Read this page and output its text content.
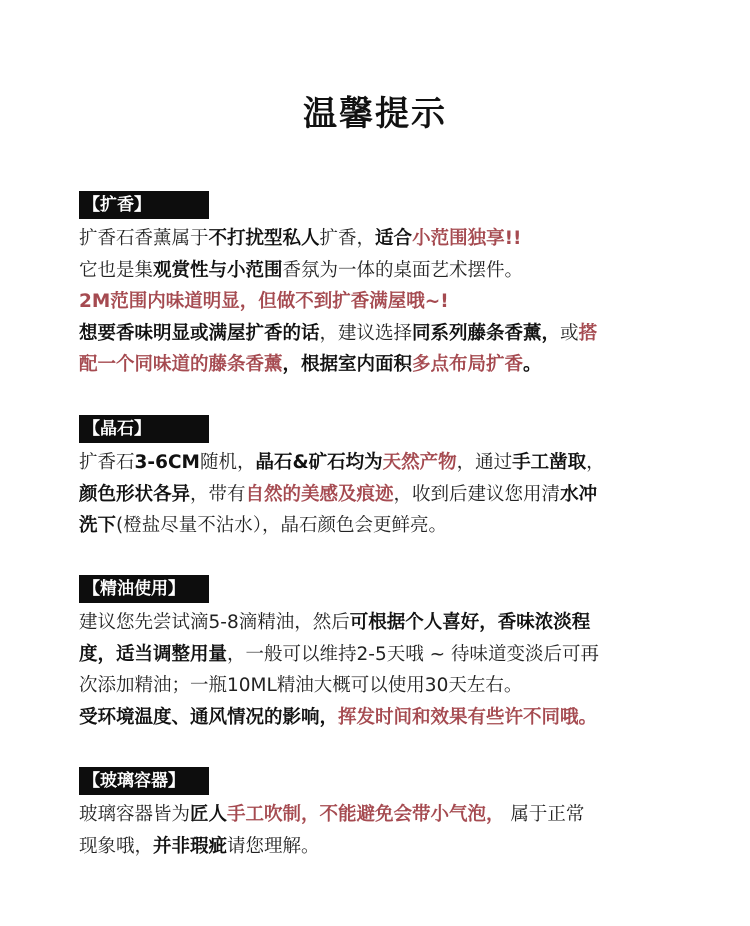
温馨提示
【扩香】
扩香石香薰属于不打扰型私人扩香，适合小范围独享!!
它也是集观赏性与小范围香氛为一体的桌面艺术摆件。
2M范围内味道明显，但做不到扩香满屋哦~!
想要香味明显或满屋扩香的话，建议选择同系列藤条香薰，或搭
配一个同味道的藤条香薰，根据室内面积多点布局扩香。
【晶石】
扩香石3-6CM随机，晶石&矿石均为天然产物，通过手工凿取，
颜色形状各异，带有自然的美感及痕迹，收到后建议您用清水冲
洗下(橙盐尽量不沾水），晶石颜色会更鲜亮。
【精油使用】
建议您先尝试滴5-8滴精油，然后可根据个人喜好，香味浓淡程
度，适当调整用量，一般可以维持2-5天哦 ~ 待味道变淡后可再
次添加精油；一瓶10ML精油大概可以使用30天左右。
受环境温度、通风情况的影响，挥发时间和效果有些许不同哦。
【玻璃容器】
玻璃容器皆为匠人手工吹制，不能避免会带小气泡， 属于正常
现象哦，并非瑕疵请您理解。
